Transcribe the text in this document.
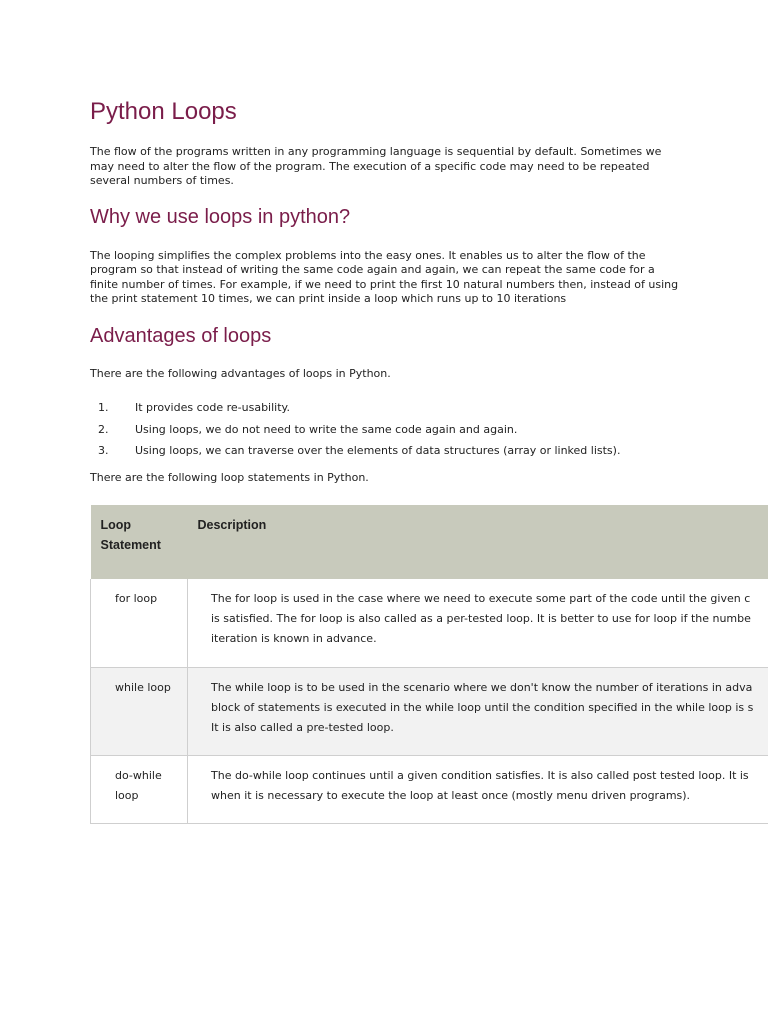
Python Loops

The flow of the programs written in any programming language is sequential by default. Sometimes we may need to alter the flow of the program. The execution of a specific code may need to be repeated several numbers of times.

Why we use loops in python?

The looping simplifies the complex problems into the easy ones. It enables us to alter the flow of the program so that instead of writing the same code again and again, we can repeat the same code for a finite number of times. For example, if we need to print the first 10 natural numbers then, instead of using the print statement 10 times, we can print inside a loop which runs up to 10 iterations

Advantages of loops

There are the following advantages of loops in Python.

1. It provides code re-usability.
2. Using loops, we do not need to write the same code again and again.
3. Using loops, we can traverse over the elements of data structures (array or linked lists).

There are the following loop statements in Python.

Loop Statement	Description

for loop	The for loop is used in the case where we need to execute some part of the code until the given c
is satisfied. The for loop is also called as a per-tested loop. It is better to use for loop if the numbe
iteration is known in advance.

while loop	The while loop is to be used in the scenario where we don't know the number of iterations in adva
block of statements is executed in the while loop until the condition specified in the while loop is s
It is also called a pre-tested loop.

do-while loop	The do-while loop continues until a given condition satisfies. It is also called post tested loop. It is
when it is necessary to execute the loop at least once (mostly menu driven programs).
